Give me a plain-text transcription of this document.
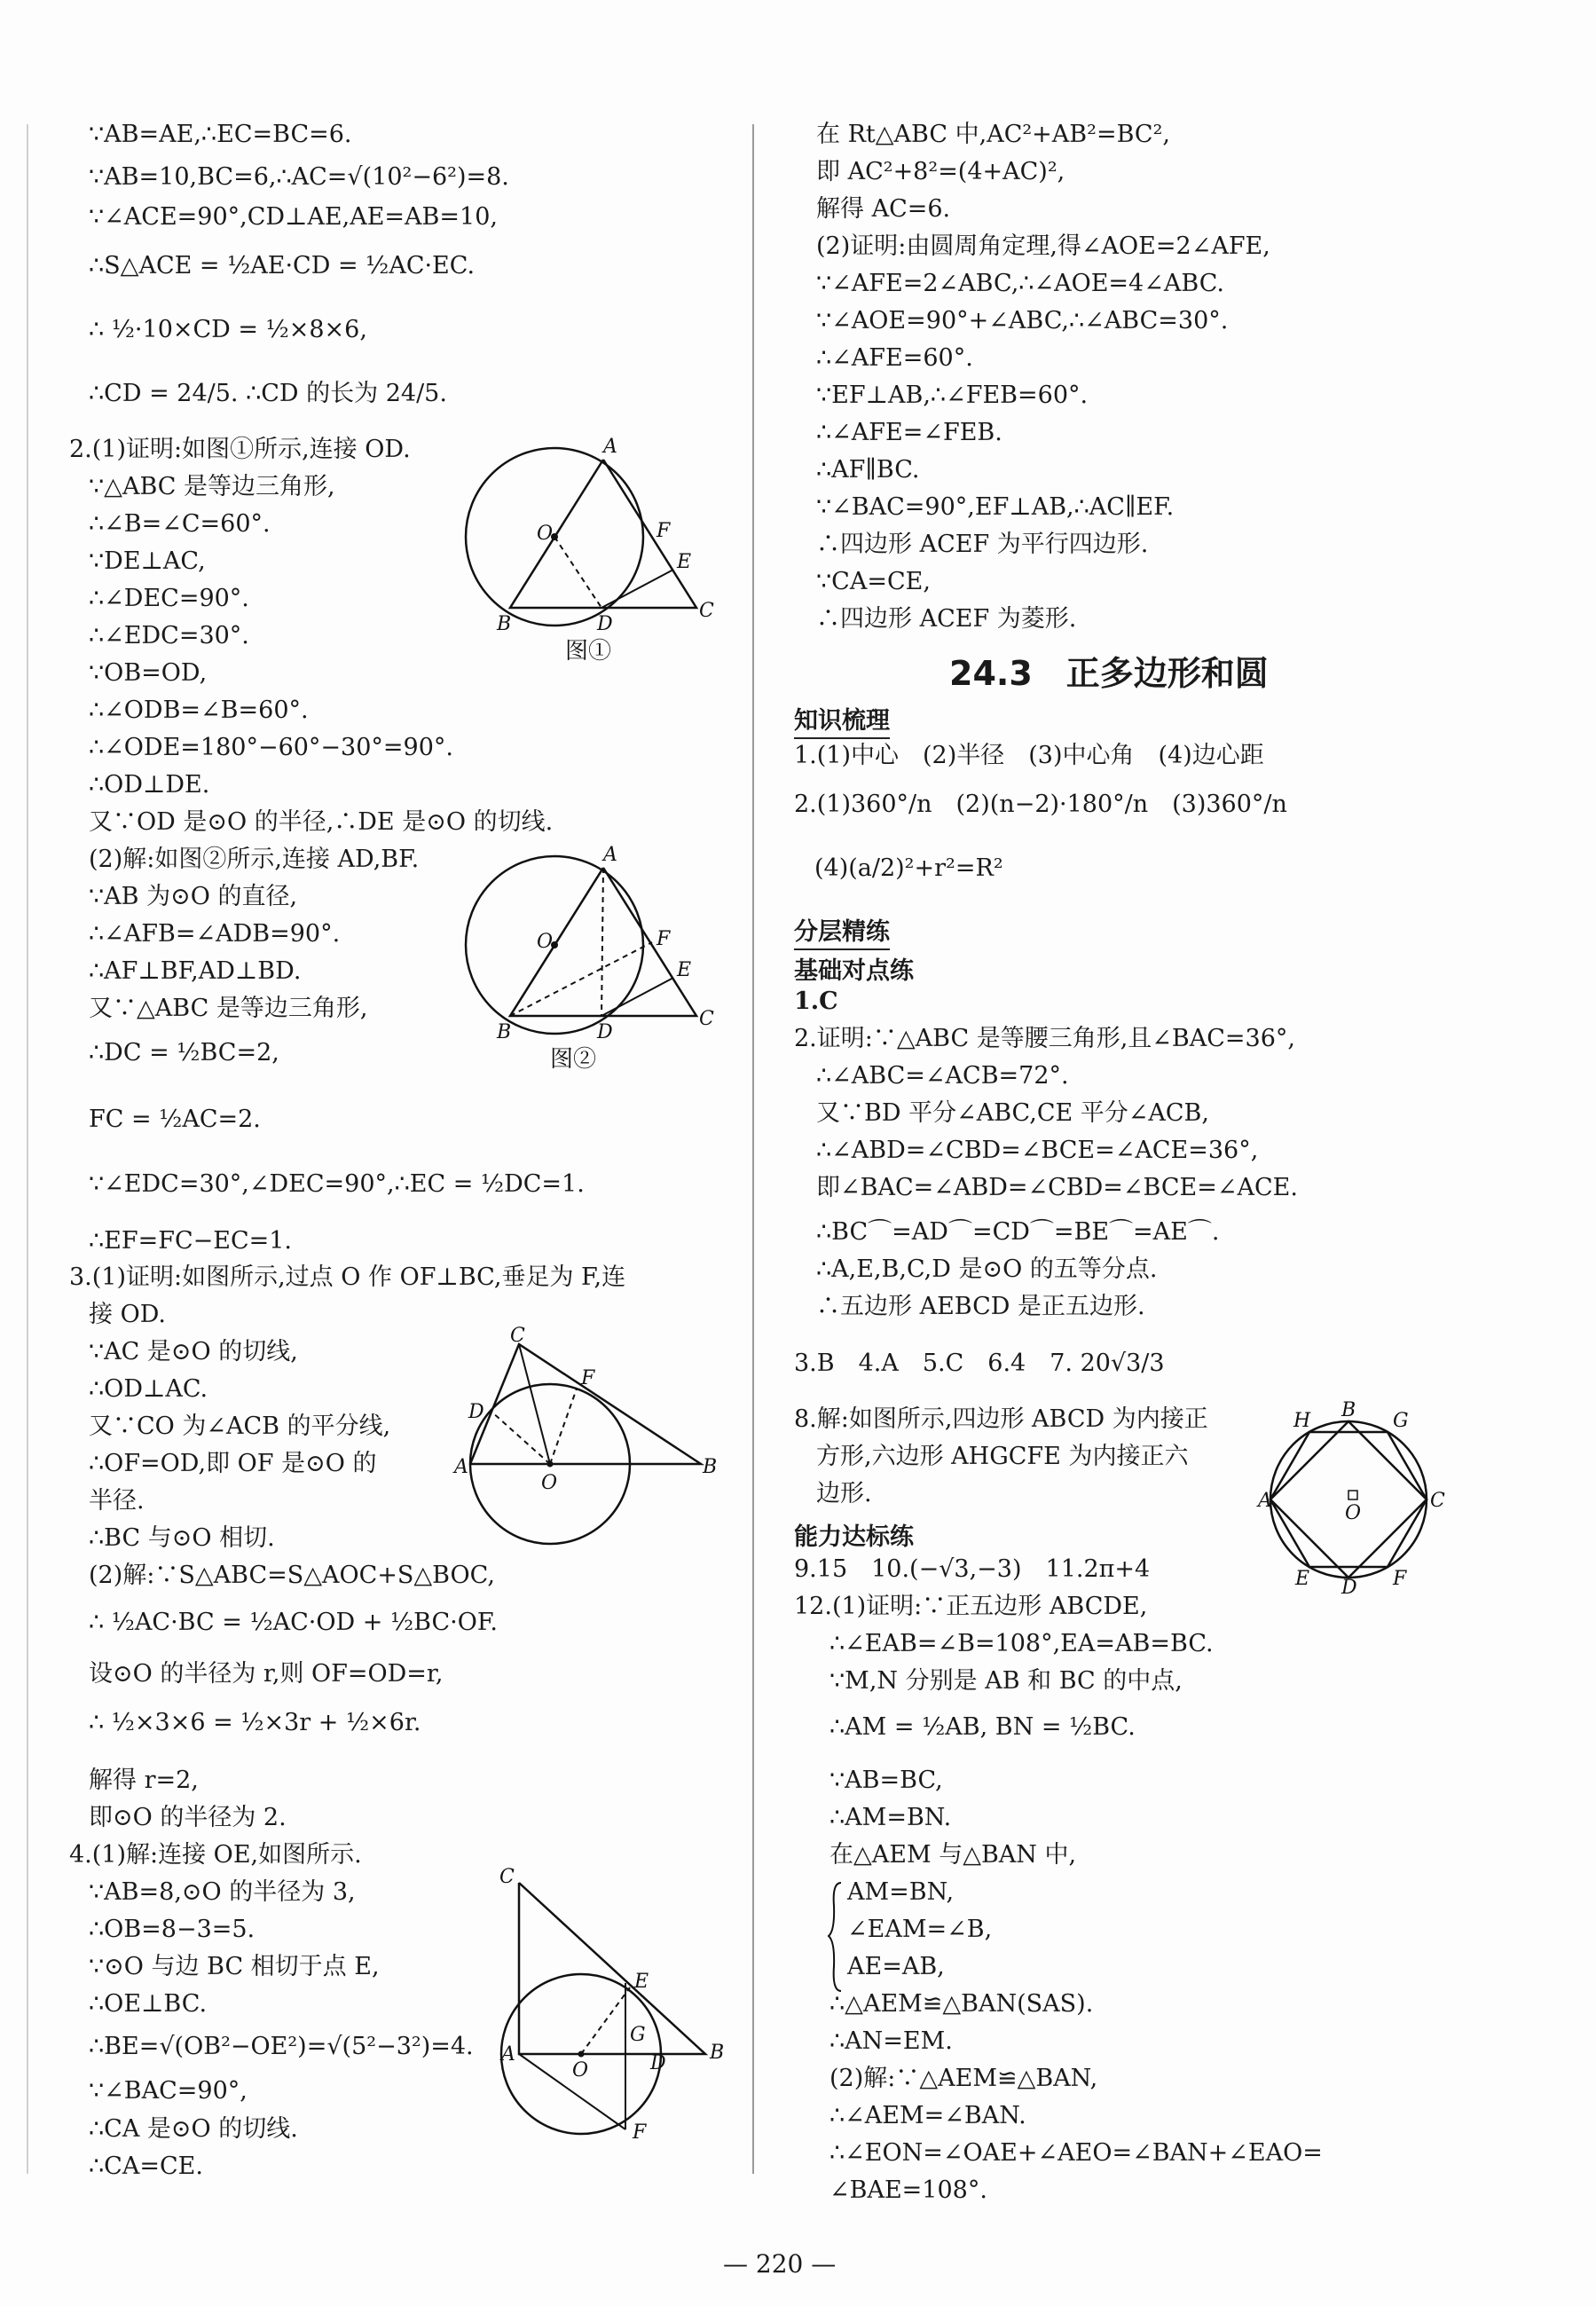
∵AB=AE,∴EC=BC=6.
∵AB=10,BC=6,∴AC=√(10²−6²)=8.
∵∠ACE=90°,CD⊥AE,AE=AB=10,
∴S△ACE = ½AE·CD = ½AC·EC.
∴ ½·10×CD = ½×8×6,
∴CD = 24/5. ∴CD 的长为 24/5.
2.(1)证明:如图①所示,连接 OD.
∵△ABC 是等边三角形,
∴∠B=∠C=60°.
∵DE⊥AC,
∴∠DEC=90°.
∴∠EDC=30°.
∵OB=OD,
∴∠ODB=∠B=60°.
∴∠ODE=180°−60°−30°=90°.
∴OD⊥DE.
又∵OD 是⊙O 的半径,∴DE 是⊙O 的切线.
(2)解:如图②所示,连接 AD,BF.
∵AB 为⊙O 的直径,
∴∠AFB=∠ADB=90°.
∴AF⊥BF,AD⊥BD.
又∵△ABC 是等边三角形,
∴DC = ½BC=2,
FC = ½AC=2.
∵∠EDC=30°,∠DEC=90°,∴EC = ½DC=1.
∴EF=FC−EC=1.
3.(1)证明:如图所示,过点 O 作 OF⊥BC,垂足为 F,连
接 OD.
∵AC 是⊙O 的切线,
∴OD⊥AC.
又∵CO 为∠ACB 的平分线,
∴OF=OD,即 OF 是⊙O 的
半径.
∴BC 与⊙O 相切.
(2)解:∵S△ABC=S△AOC+S△BOC,
∴ ½AC·BC = ½AC·OD + ½BC·OF.
设⊙O 的半径为 r,则 OF=OD=r,
∴ ½×3×6 = ½×3r + ½×6r.
解得 r=2,
即⊙O 的半径为 2.
4.(1)解:连接 OE,如图所示.
∵AB=8,⊙O 的半径为 3,
∴OB=8−3=5.
∵⊙O 与边 BC 相切于点 E,
∴OE⊥BC.
∴BE=√(OB²−OE²)=√(5²−3²)=4.
∵∠BAC=90°,
∴CA 是⊙O 的切线.
∴CA=CE.
A
O	F
E
B	D
C
图①
A
O	F
E
B	D
C
图②
C
F
D
A
O
B
C
E
G
A
O	D B
F
在 Rt△ABC 中,AC²+AB²=BC²,
即 AC²+8²=(4+AC)²,
解得 AC=6.
(2)证明:由圆周角定理,得∠AOE=2∠AFE,
∵∠AFE=2∠ABC,∴∠AOE=4∠ABC.
∵∠AOE=90°+∠ABC,∴∠ABC=30°.
∴∠AFE=60°.
∵EF⊥AB,∴∠FEB=60°.
∴∠AFE=∠FEB.
∴AF∥BC.
∵∠BAC=90°,EF⊥AB,∴AC∥EF.
∴四边形 ACEF 为平行四边形.
∵CA=CE,
∴四边形 ACEF 为菱形.
24.3　正多边形和圆
知识梳理
1.(1)中心　(2)半径　(3)中心角　(4)边心距
2.(1)360°/n　(2)(n−2)·180°/n　(3)360°/n
(4)(a/2)²+r²=R²
分层精练
基础对点练
1.C
2.证明:∵△ABC 是等腰三角形,且∠BAC=36°,
∴∠ABC=∠ACB=72°.
又∵BD 平分∠ABC,CE 平分∠ACB,
∴∠ABD=∠CBD=∠BCE=∠ACE=36°,
即∠BAC=∠ABD=∠CBD=∠BCE=∠ACE.
∴BC⌒=AD⌒=CD⌒=BE⌒=AE⌒.
∴A,E,B,C,D 是⊙O 的五等分点.
∴五边形 AEBCD 是正五边形.
3.B　4.A　5.C　6.4　7. 20√3/3
8.解:如图所示,四边形 ABCD 为内接正
方形,六边形 AHGCFE 为内接正六
边形.
能力达标练
9.15　10.(−√3,−3)　11.2π+4
12.(1)证明:∵正五边形 ABCDE,
∴∠EAB=∠B=108°,EA=AB=BC.
∵M,N 分别是 AB 和 BC 的中点,
∴AM = ½AB, BN = ½BC.
∵AB=BC,
∴AM=BN.
在△AEM 与△BAN 中,
AM=BN,
∠EAM=∠B,
AE=AB,
∴△AEM≌△BAN(SAS).
∴AN=EM.
(2)解:∵△AEM≌△BAN,
∴∠AEM=∠BAN.
∴∠EON=∠OAE+∠AEO=∠BAN+∠EAO=
∠BAE=108°.
H B G
A
O
C
E D F
— 220 —
